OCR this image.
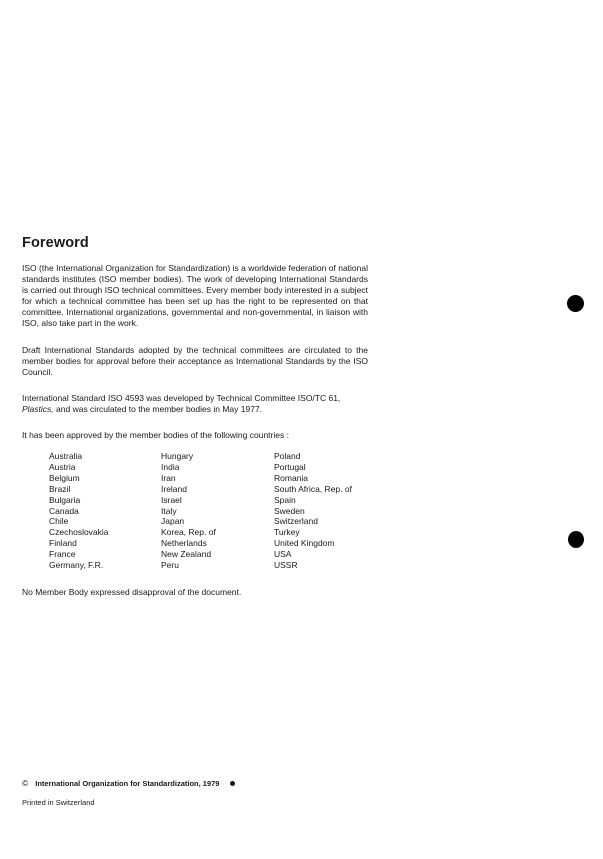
Foreword

ISO (the International Organization for Standardization) is a worldwide federation of national standards institutes (ISO member bodies). The work of developing International Standards is carried out through ISO technical committees. Every member body interested in a subject for which a technical committee has been set up has the right to be represented on that committee. International organizations, governmental and non-governmental, in liaison with ISO, also take part in the work.

Draft International Standards adopted by the technical committees are circulated to the member bodies for approval before their acceptance as International Standards by the ISO Council.

International Standard ISO 4593 was developed by Technical Committee ISO/TC 61,
Plastics, and was circulated to the member bodies in May 1977.

It has been approved by the member bodies of the following countries :

Australia
Austria
Belgium
Brazil
Bulgaria
Canada
Chile
Czechoslovakia
Finland
France
Germany, F.R.
Hungary
India
Iran
Ireland
Israel
Italy
Japan
Korea, Rep. of
Netherlands
New Zealand
Peru
Poland
Portugal
Romania
South Africa, Rep. of
Spain
Sweden
Switzerland
Turkey
United Kingdom
USA
USSR

No Member Body expressed disapproval of the document.

© International Organization for Standardization, 1979
Printed in Switzerland
